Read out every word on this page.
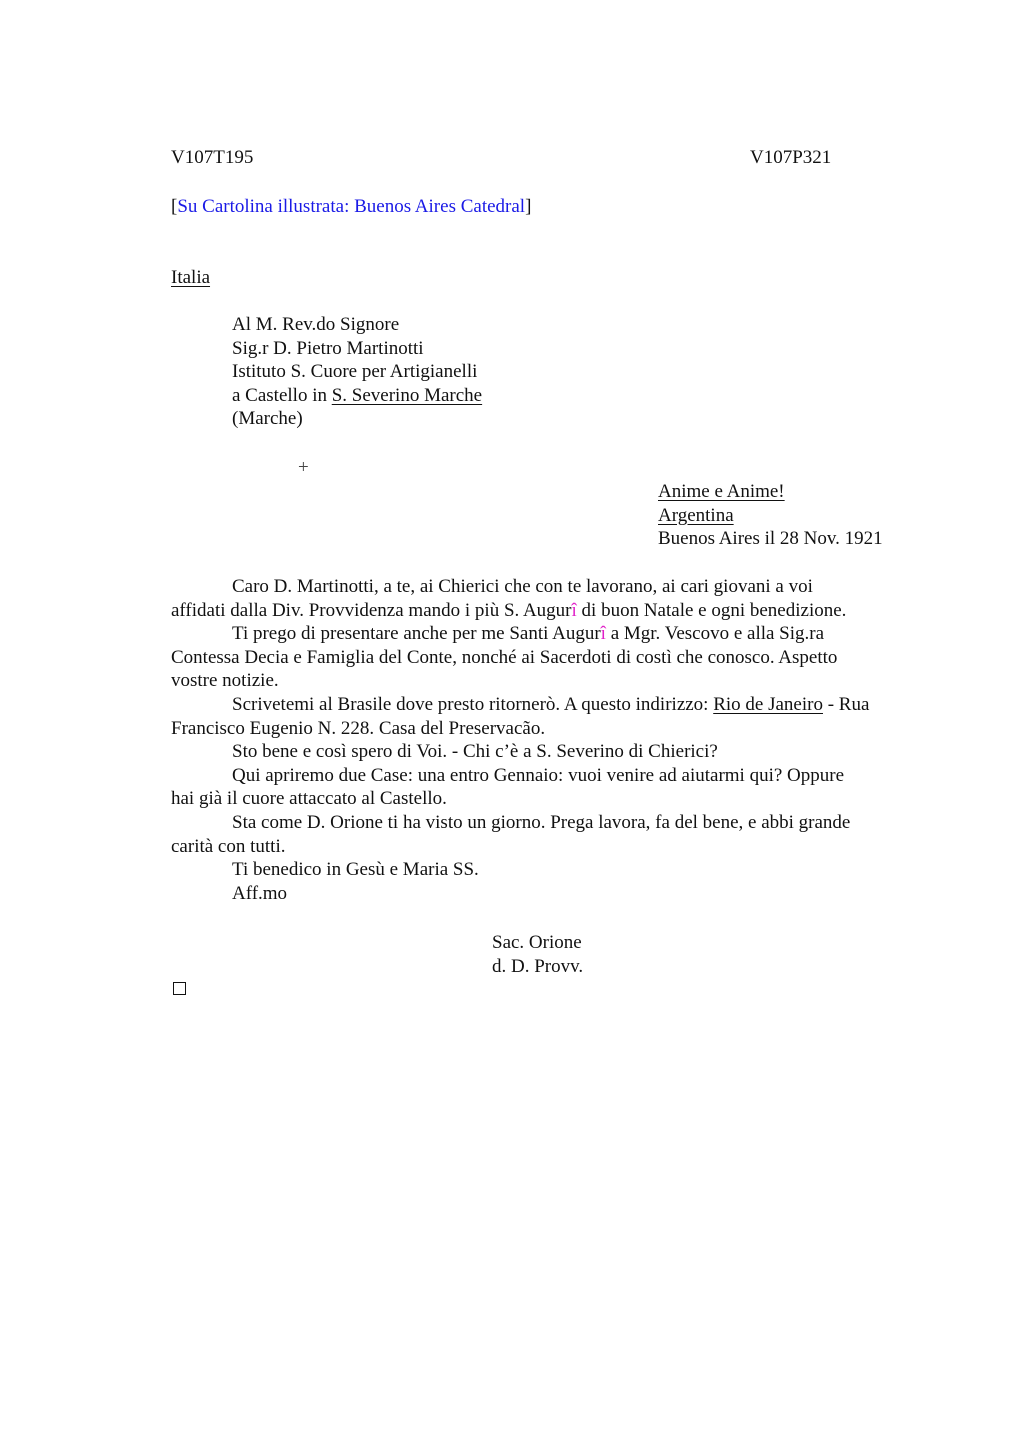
V107T195	V107P321
[Su Cartolina illustrata: Buenos Aires Catedral]
Italia
Al M. Rev.do Signore
Sig.r D. Pietro Martinotti
Istituto S. Cuore per Artigianelli
a Castello in S. Severino Marche
(Marche)
+
Anime e Anime!
Argentina
Buenos Aires il 28 Nov. 1921
Caro D. Martinotti, a te, ai Chierici che con te lavorano, ai cari giovani a voi
affidati dalla Div. Provvidenza mando i più S. Augurî di buon Natale e ogni benedizione.
Ti prego di presentare anche per me Santi Augurî a Mgr. Vescovo e alla Sig.ra
Contessa Decia e Famiglia del Conte, nonché ai Sacerdoti di costì che conosco. Aspetto
vostre notizie.
Scrivetemi al Brasile dove presto ritornerò. A questo indirizzo: Rio de Janeiro - Rua
Francisco Eugenio N. 228. Casa del Preservacão.
Sto bene e così spero di Voi. - Chi c’è a S. Severino di Chierici?
Qui apriremo due Case: una entro Gennaio: vuoi venire ad aiutarmi qui? Oppure
hai già il cuore attaccato al Castello.
Sta come D. Orione ti ha visto un giorno. Prega lavora, fa del bene, e abbi grande
carità con tutti.
Ti benedico in Gesù e Maria SS.
Aff.mo
Sac. Orione
d. D. Provv.
